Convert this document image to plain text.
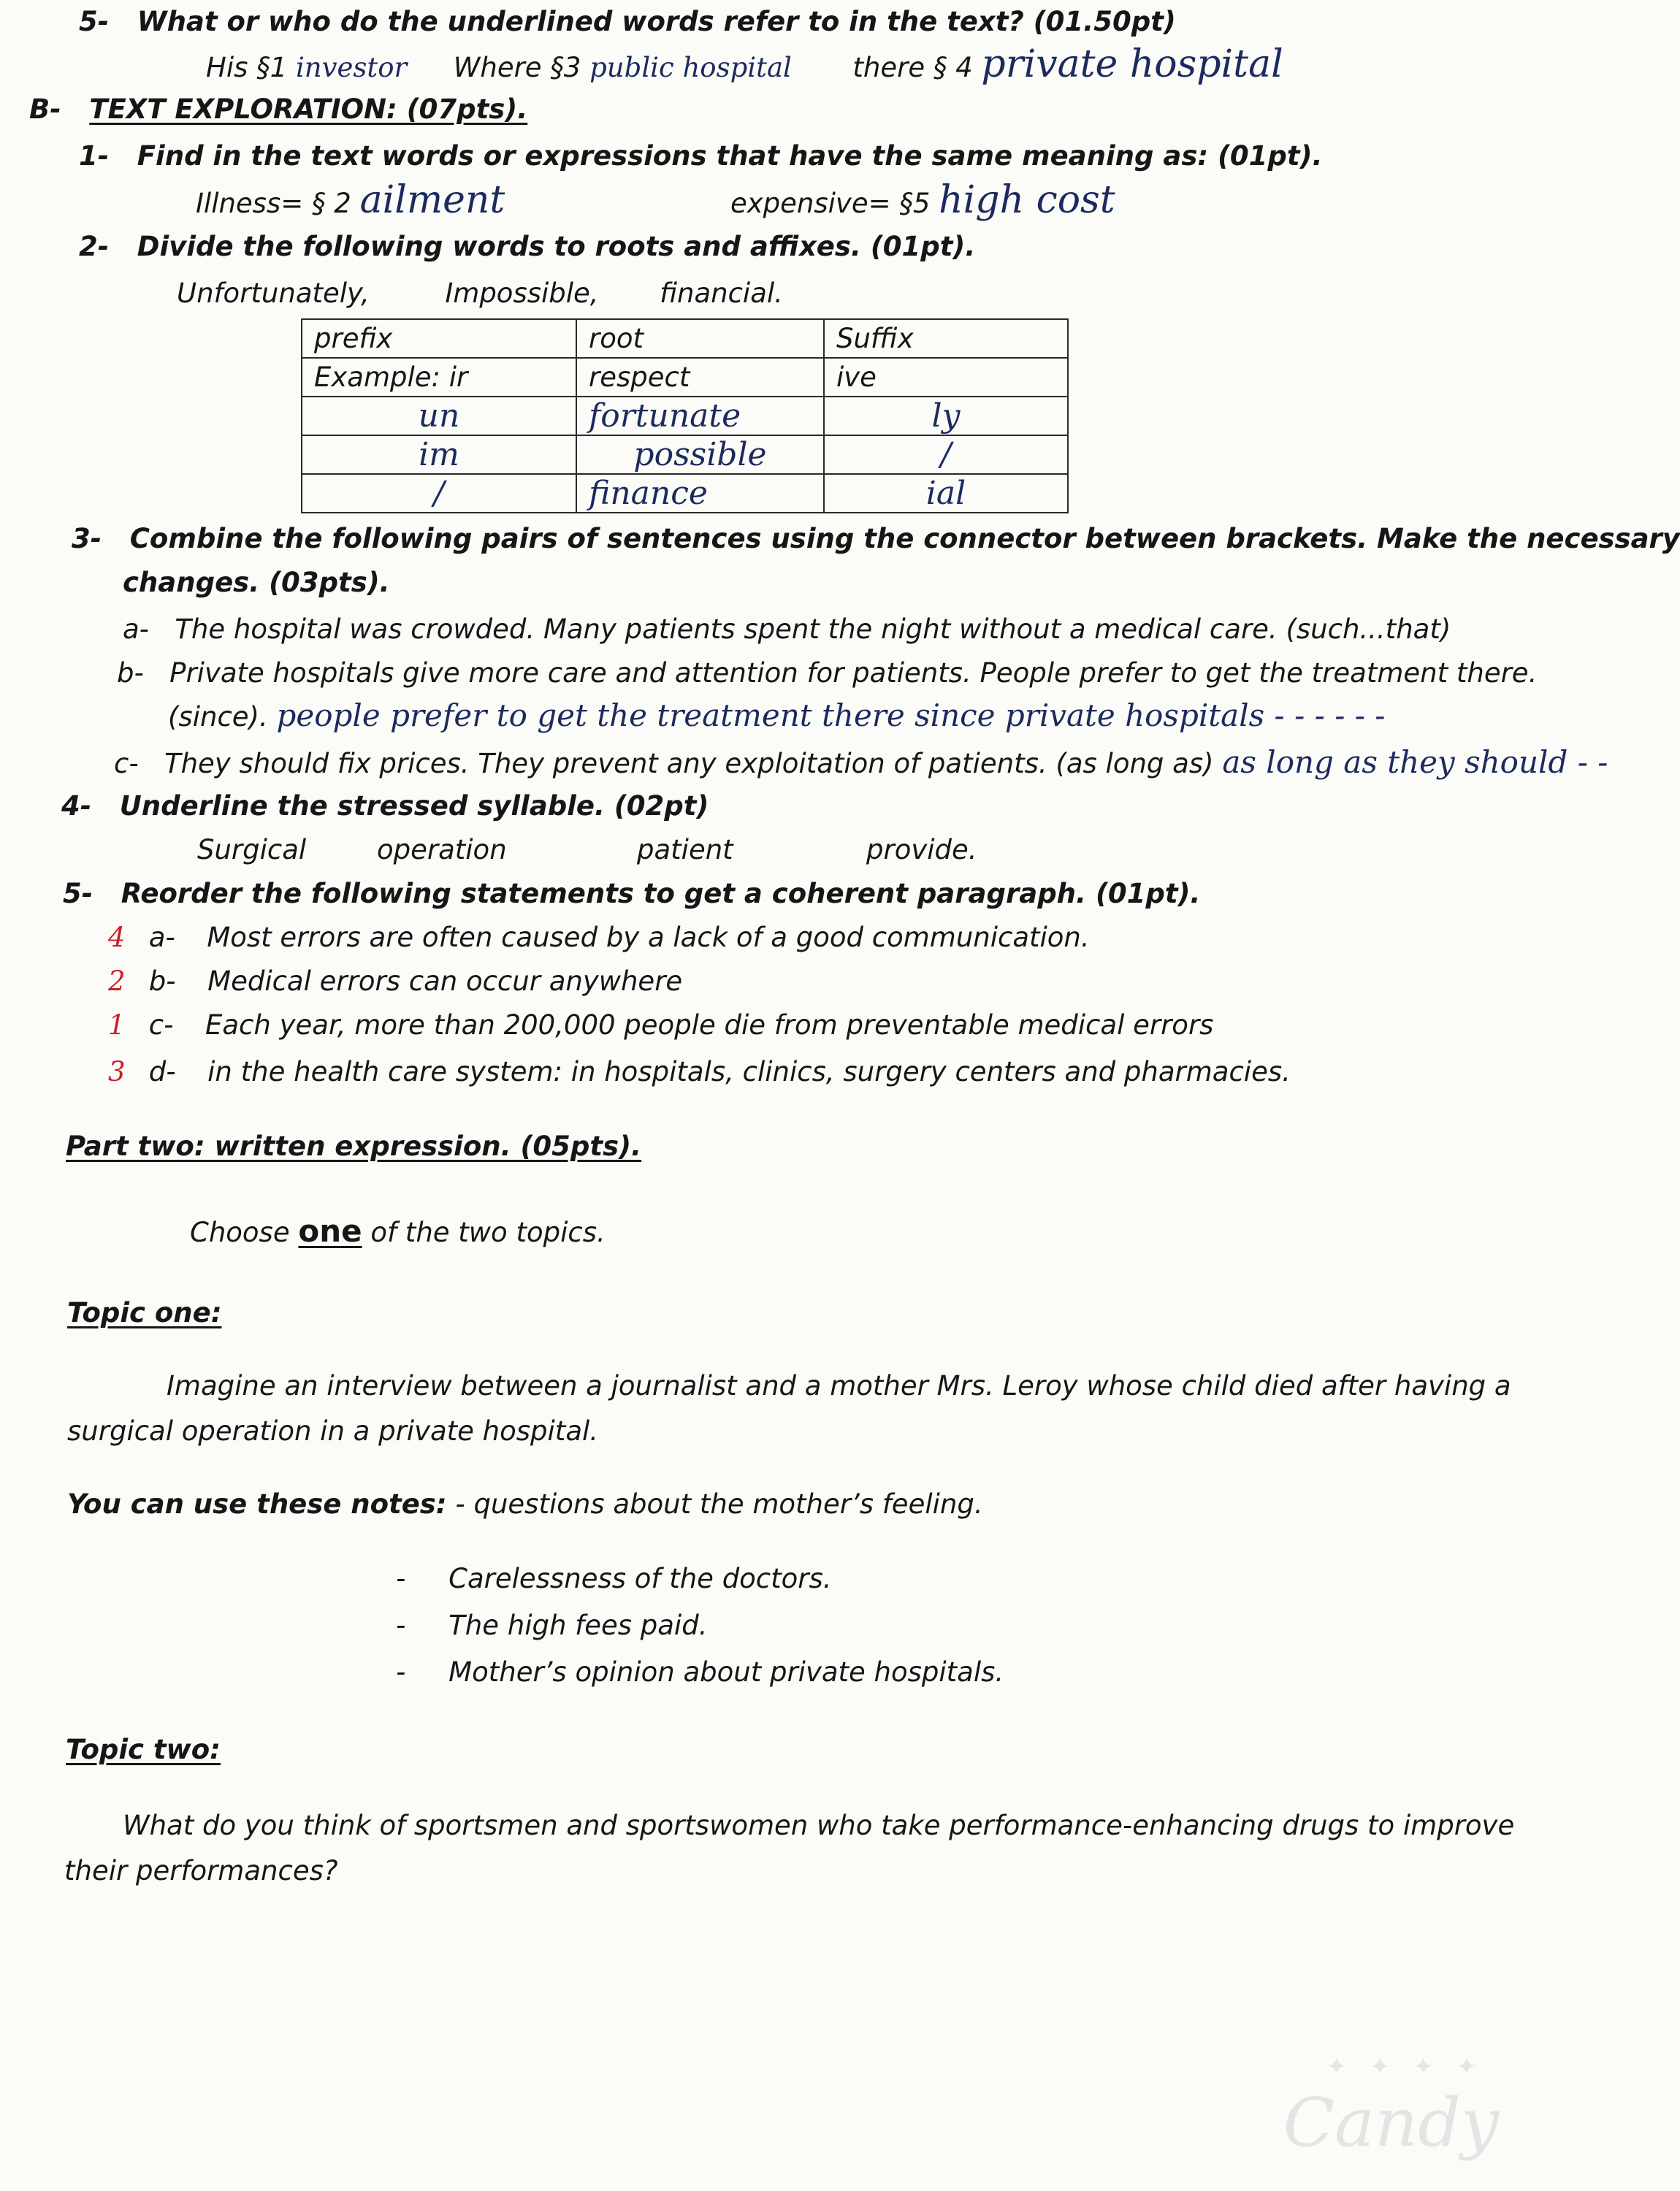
5- What or who do the underlined words refer to in the text? (01.50pt)
His §1 investor Where §3 public hospital there § 4 private hospital
B- TEXT EXPLORATION: (07pts).
1- Find in the text words or expressions that have the same meaning as: (01pt).
Illness= § 2 ailment	expensive= §5 high cost
2- Divide the following words to roots and affixes. (01pt).
Unfortunately,	Impossible, financial.
prefix	root	Suffix
Example: ir	respect	ive
un	fortunate	ly
im	possible	/
/	finance	ial
3- Combine the following pairs of sentences using the connector between brackets. Make the necessary
changes. (03pts).
a- The hospital was crowded. Many patients spent the night without a medical care. (such...that)
b- Private hospitals give more care and attention for patients. People prefer to get the treatment there.
(since). people prefer to get the treatment there since private hospitals - - - - - -
c- They should fix prices. They prevent any exploitation of patients. (as long as) as long as they should - -
4- Underline the stressed syllable. (02pt)
Surgical	operation	patient	provide.
5- Reorder the following statements to get a coherent paragraph. (01pt).
4 a- Most errors are often caused by a lack of a good communication.
2 b- Medical errors can occur anywhere
1 c- Each year, more than 200,000 people die from preventable medical errors
3 d- in the health care system: in hospitals, clinics, surgery centers and pharmacies.
Part two: written expression. (05pts).
Choose one of the two topics.
Topic one:
Imagine an interview between a journalist and a mother Mrs. Leroy whose child died after having a
surgical operation in a private hospital.
You can use these notes: - questions about the mother’s feeling.
-     Carelessness of the doctors.
-     The high fees paid.
-     Mother’s opinion about private hospitals.
Topic two:
What do you think of sportsmen and sportswomen who take performance-enhancing drugs to improve
their performances?
✦ ✦ ✦ ✦
Candy
